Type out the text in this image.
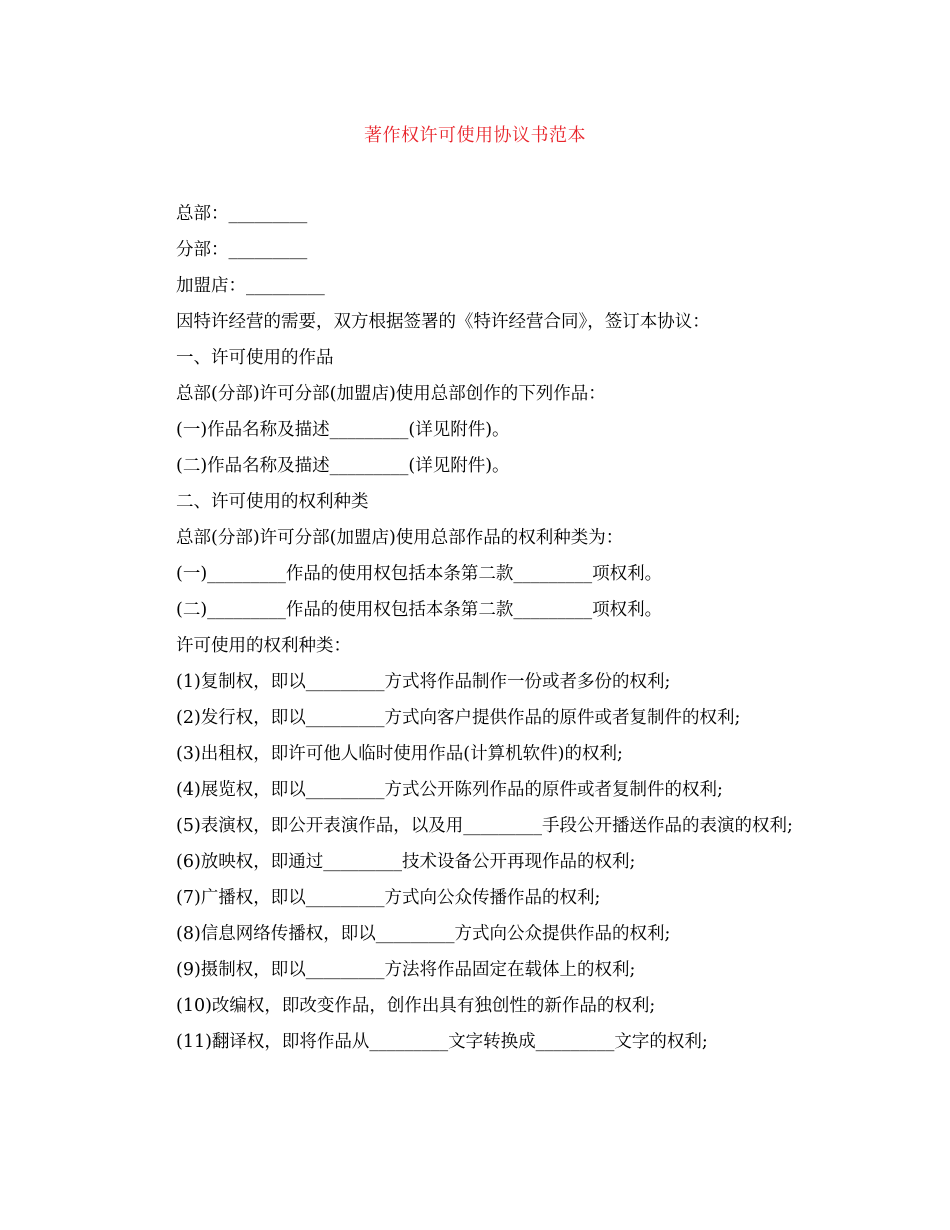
著作权许可使用协议书范本
总部：_________
分部：_________
加盟店：_________
因特许经营的需要，双方根据签署的《特许经营合同》，签订本协议：
一、许可使用的作品
总部(分部)许可分部(加盟店)使用总部创作的下列作品：
(一)作品名称及描述_________(详见附件)。
(二)作品名称及描述_________(详见附件)。
二、许可使用的权利种类
总部(分部)许可分部(加盟店)使用总部作品的权利种类为：
(一)_________作品的使用权包括本条第二款_________项权利。
(二)_________作品的使用权包括本条第二款_________项权利。
许可使用的权利种类：
(1)复制权，即以_________方式将作品制作一份或者多份的权利;
(2)发行权，即以_________方式向客户提供作品的原件或者复制件的权利;
(3)出租权，即许可他人临时使用作品(计算机软件)的权利;
(4)展览权，即以_________方式公开陈列作品的原件或者复制件的权利;
(5)表演权，即公开表演作品，以及用_________手段公开播送作品的表演的权利;
(6)放映权，即通过_________技术设备公开再现作品的权利;
(7)广播权，即以_________方式向公众传播作品的权利;
(8)信息网络传播权，即以_________方式向公众提供作品的权利;
(9)摄制权，即以_________方法将作品固定在载体上的权利;
(10)改编权，即改变作品，创作出具有独创性的新作品的权利;
(11)翻译权，即将作品从_________文字转换成_________文字的权利;
